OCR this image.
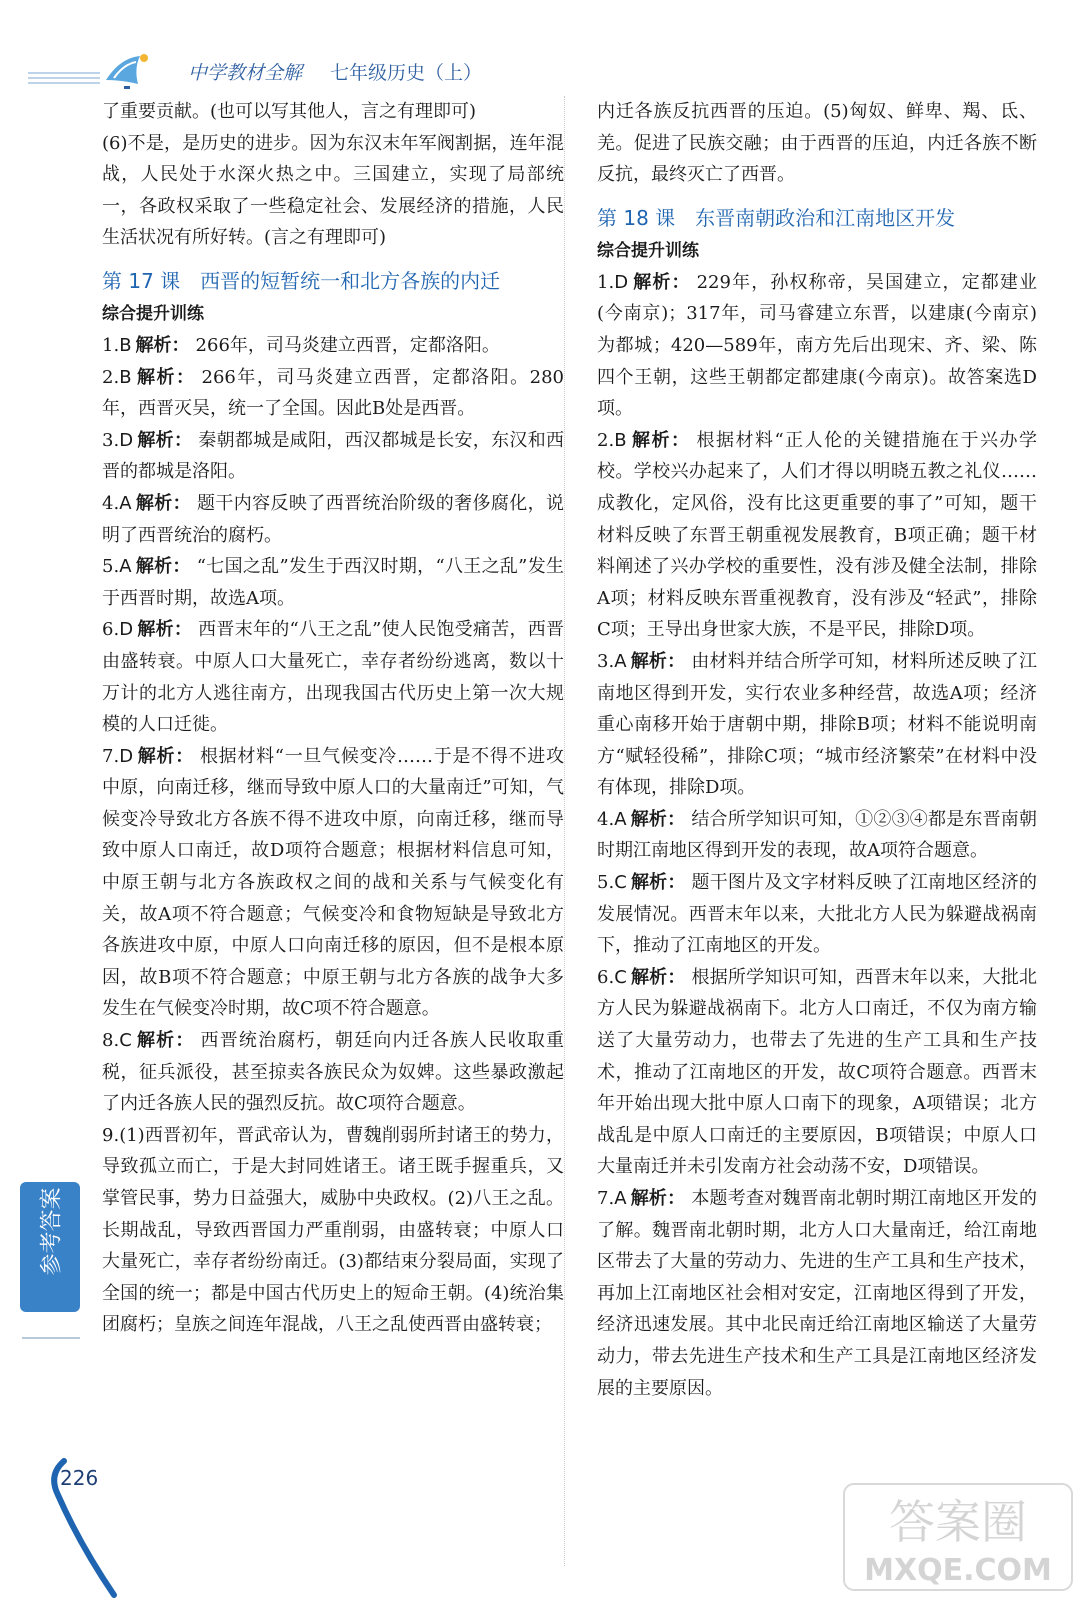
中学教材全解 七年级历史（上）

了重要贡献。(也可以写其他人，言之有理即可)

(6)不是，是历史的进步。因为东汉末年军阀割据，连年混战，人民处于水深火热之中。三国建立，实现了局部统一，各政权采取了一些稳定社会、发展经济的措施，人民生活状况有所好转。(言之有理即可)

第 17 课 西晋的短暂统一和北方各族的内迁

综合提升训练

1.B 解析： 266年，司马炎建立西晋，定都洛阳。

2.B 解析： 266年，司马炎建立西晋，定都洛阳。280年，西晋灭吴，统一了全国。因此B处是西晋。

3.D 解析： 秦朝都城是咸阳，西汉都城是长安，东汉和西晋的都城是洛阳。

4.A 解析： 题干内容反映了西晋统治阶级的奢侈腐化，说明了西晋统治的腐朽。

5.A 解析： “七国之乱”发生于西汉时期，“八王之乱”发生于西晋时期，故选A项。

6.D 解析： 西晋末年的“八王之乱”使人民饱受痛苦，西晋由盛转衰。中原人口大量死亡，幸存者纷纷逃离，数以十万计的北方人逃往南方，出现我国古代历史上第一次大规模的人口迁徙。

7.D 解析： 根据材料“一旦气候变冷……于是不得不进攻中原，向南迁移，继而导致中原人口的大量南迁”可知，气候变冷导致北方各族不得不进攻中原，向南迁移，继而导致中原人口南迁，故D项符合题意；根据材料信息可知，中原王朝与北方各族政权之间的战和关系与气候变化有关，故A项不符合题意；气候变冷和食物短缺是导致北方各族进攻中原，中原人口向南迁移的原因，但不是根本原因，故B项不符合题意；中原王朝与北方各族的战争大多发生在气候变冷时期，故C项不符合题意。

8.C 解析： 西晋统治腐朽，朝廷向内迁各族人民收取重税，征兵派役，甚至掠卖各族民众为奴婢。这些暴政激起了内迁各族人民的强烈反抗。故C项符合题意。

9.(1)西晋初年，晋武帝认为，曹魏削弱所封诸王的势力，导致孤立而亡，于是大封同姓诸王。诸王既手握重兵，又掌管民事，势力日益强大，威胁中央政权。(2)八王之乱。长期战乱，导致西晋国力严重削弱，由盛转衰；中原人口大量死亡，幸存者纷纷南迁。(3)都结束分裂局面，实现了全国的统一；都是中国古代历史上的短命王朝。(4)统治集团腐朽；皇族之间连年混战，八王之乱使西晋由盛转衰；

内迁各族反抗西晋的压迫。(5)匈奴、鲜卑、羯、氐、羌。促进了民族交融；由于西晋的压迫，内迁各族不断反抗，最终灭亡了西晋。

第 18 课 东晋南朝政治和江南地区开发

综合提升训练

1.D 解析： 229年，孙权称帝，吴国建立，定都建业(今南京)；317年，司马睿建立东晋，以建康(今南京)为都城；420—589年，南方先后出现宋、齐、梁、陈四个王朝，这些王朝都定都建康(今南京)。故答案选D项。

2.B 解析： 根据材料“正人伦的关键措施在于兴办学校。学校兴办起来了，人们才得以明晓五教之礼仪……成教化，定风俗，没有比这更重要的事了”可知，题干材料反映了东晋王朝重视发展教育，B项正确；题干材料阐述了兴办学校的重要性，没有涉及健全法制，排除A项；材料反映东晋重视教育，没有涉及“轻武”，排除C项；王导出身世家大族，不是平民，排除D项。

3.A 解析： 由材料并结合所学可知，材料所述反映了江南地区得到开发，实行农业多种经营，故选A项；经济重心南移开始于唐朝中期，排除B项；材料不能说明南方“赋轻役稀”，排除C项；“城市经济繁荣”在材料中没有体现，排除D项。

4.A 解析： 结合所学知识可知，①②③④都是东晋南朝时期江南地区得到开发的表现，故A项符合题意。

5.C 解析： 题干图片及文字材料反映了江南地区经济的发展情况。西晋末年以来，大批北方人民为躲避战祸南下，推动了江南地区的开发。

6.C 解析： 根据所学知识可知，西晋末年以来，大批北方人民为躲避战祸南下。北方人口南迁，不仅为南方输送了大量劳动力，也带去了先进的生产工具和生产技术，推动了江南地区的开发，故C项符合题意。西晋末年开始出现大批中原人口南下的现象，A项错误；北方战乱是中原人口南迁的主要原因，B项错误；中原人口大量南迁并未引发南方社会动荡不安，D项错误。

7.A 解析： 本题考查对魏晋南北朝时期江南地区开发的了解。魏晋南北朝时期，北方人口大量南迁，给江南地区带去了大量的劳动力、先进的生产工具和生产技术，再加上江南地区社会相对安定，江南地区得到了开发，经济迅速发展。其中北民南迁给江南地区输送了大量劳动力，带去先进生产技术和生产工具是江南地区经济发展的主要原因。

参考答案
226
答案圈
MXQE.COM
